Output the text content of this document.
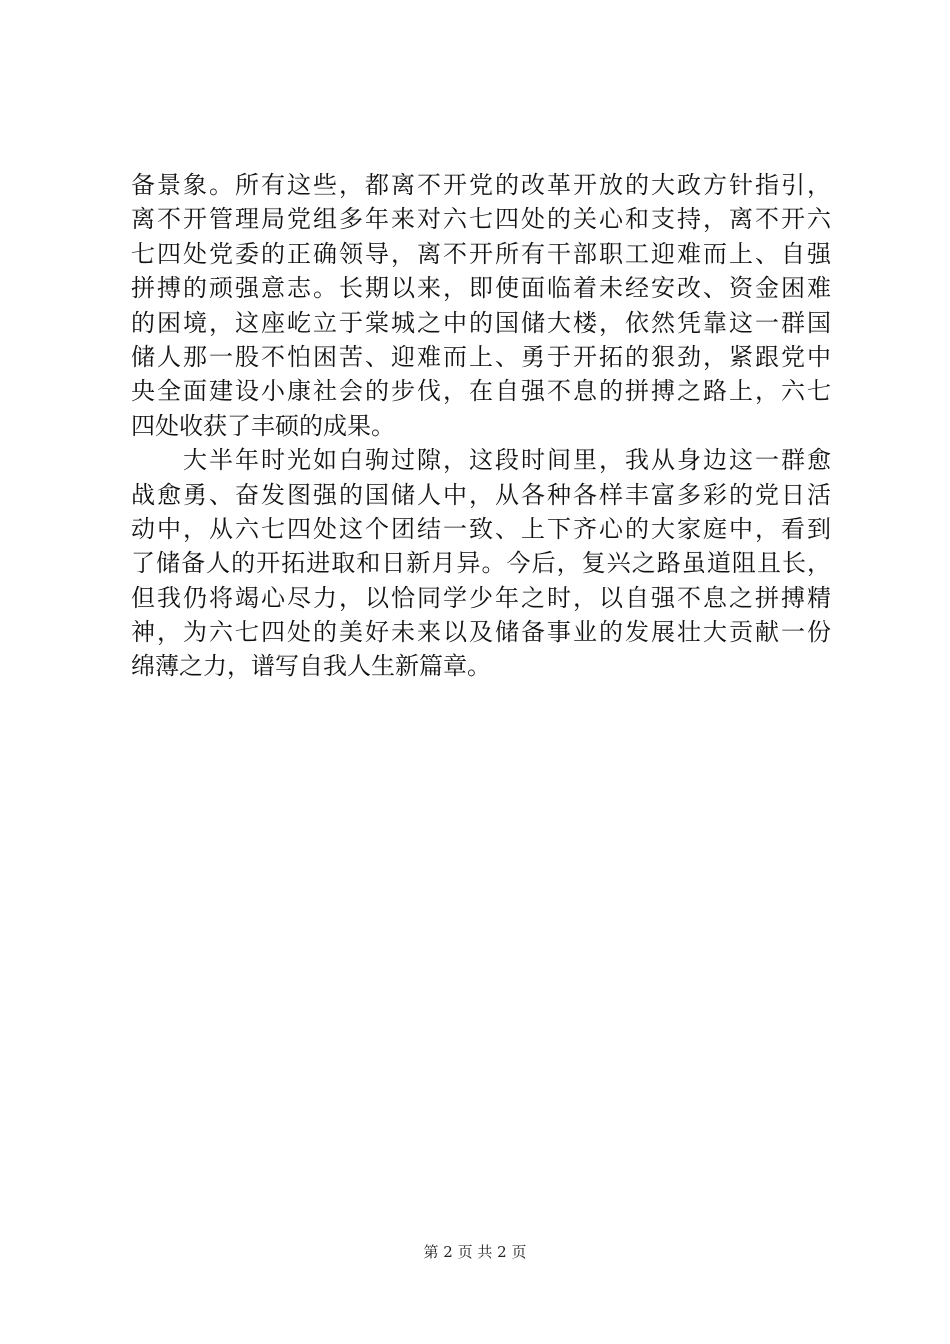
备景象。所有这些，都离不开党的改革开放的大政方针指引，
离不开管理局党组多年来对六七四处的关心和支持，离不开六
七四处党委的正确领导，离不开所有干部职工迎难而上、自强
拼搏的顽强意志。长期以来，即使面临着未经安改、资金困难
的困境，这座屹立于棠城之中的国储大楼，依然凭靠这一群国
储人那一股不怕困苦、迎难而上、勇于开拓的狠劲，紧跟党中
央全面建设小康社会的步伐，在自强不息的拼搏之路上，六七
四处收获了丰硕的成果。
　　大半年时光如白驹过隙，这段时间里，我从身边这一群愈
战愈勇、奋发图强的国储人中，从各种各样丰富多彩的党日活
动中，从六七四处这个团结一致、上下齐心的大家庭中，看到
了储备人的开拓进取和日新月异。今后，复兴之路虽道阻且长，
但我仍将竭心尽力，以恰同学少年之时，以自强不息之拼搏精
神，为六七四处的美好未来以及储备事业的发展壮大贡献一份
绵薄之力，谱写自我人生新篇章。
第 2 页 共 2 页
